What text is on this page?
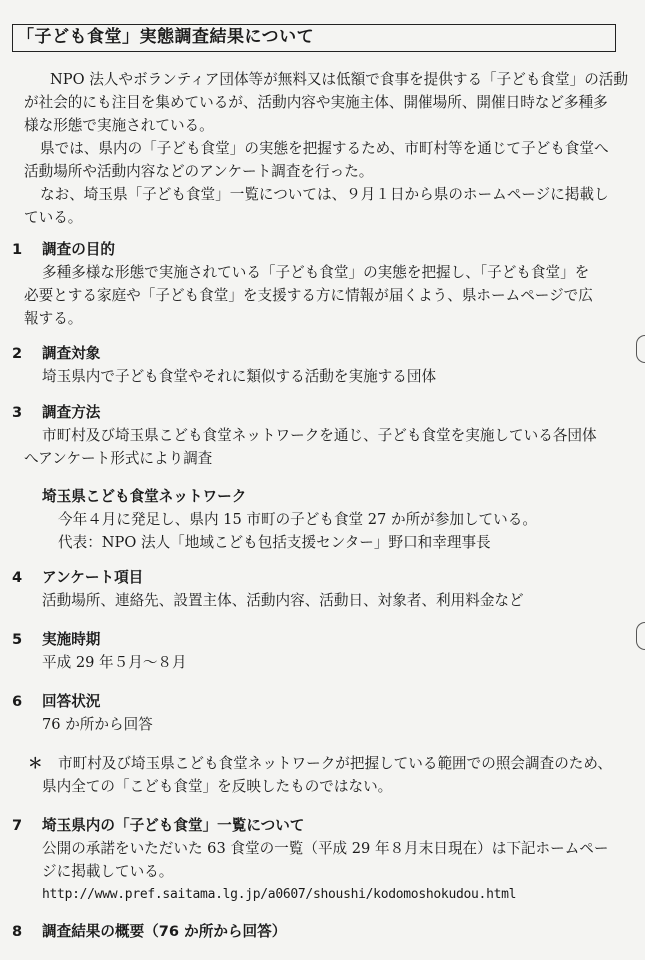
「子ども食堂」実態調査結果について
NPO 法人やボランティア団体等が無料又は低額で食事を提供する「子ども食堂」の活動
が社会的にも注目を集めているが、活動内容や実施主体、開催場所、開催日時など多種多
様な形態で実施されている。
県では、県内の「子ども食堂」の実態を把握するため、市町村等を通じて子ども食堂へ
活動場所や活動内容などのアンケート調査を行った。
なお、埼玉県「子ども食堂」一覧については、９月１日から県のホームページに掲載し
ている。
1 調査の目的
多種多様な形態で実施されている「子ども食堂」の実態を把握し、「子ども食堂」を
必要とする家庭や「子ども食堂」を支援する方に情報が届くよう、県ホームページで広
報する。
2 調査対象
埼玉県内で子ども食堂やそれに類似する活動を実施する団体
3 調査方法
市町村及び埼玉県こども食堂ネットワークを通じ、子ども食堂を実施している各団体
へアンケート形式により調査
埼玉県こども食堂ネットワーク
今年４月に発足し、県内 15 市町の子ども食堂 27 か所が参加している。
代表：NPO 法人「地域こども包括支援センター」野口和幸理事長
4 アンケート項目
活動場所、連絡先、設置主体、活動内容、活動日、対象者、利用料金など
5 実施時期
平成 29 年５月～８月
6 回答状況
76 か所から回答
＊ 市町村及び埼玉県こども食堂ネットワークが把握している範囲での照会調査のため、
県内全ての「こども食堂」を反映したものではない。
7 埼玉県内の「子ども食堂」一覧について
公開の承諾をいただいた 63 食堂の一覧（平成 29 年８月末日現在）は下記ホームペー
ジに掲載している。
http://www.pref.saitama.lg.jp/a0607/shoushi/kodomoshokudou.html
8 調査結果の概要（76 か所から回答）
